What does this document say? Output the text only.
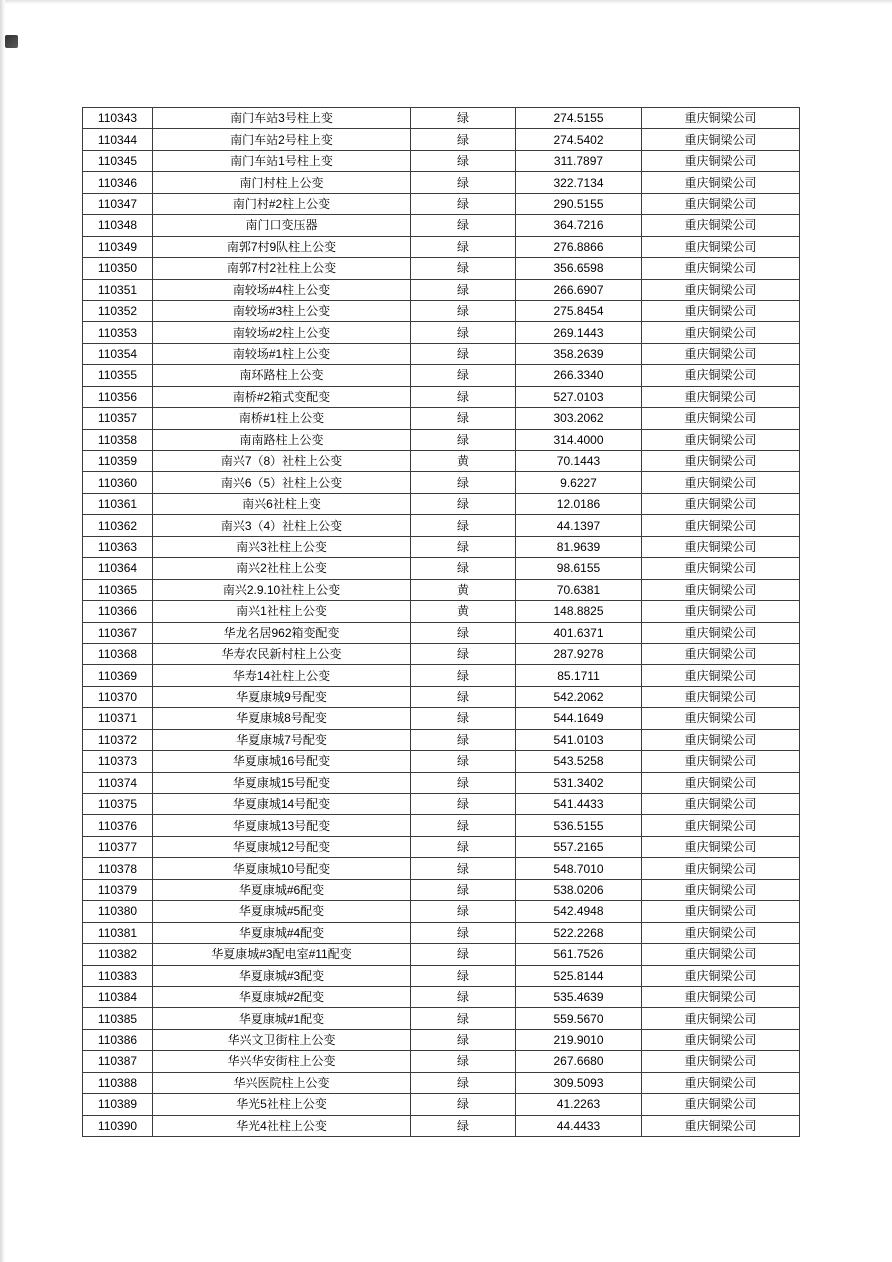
110343	南门车站3号柱上变	绿	274.5155	重庆铜梁公司
110344	南门车站2号柱上变	绿	274.5402	重庆铜梁公司
110345	南门车站1号柱上变	绿	311.7897	重庆铜梁公司
110346	南门村柱上公变	绿	322.7134	重庆铜梁公司
110347	南门村#2柱上公变	绿	290.5155	重庆铜梁公司
110348	南门口变压器	绿	364.7216	重庆铜梁公司
110349	南郭7村9队柱上公变	绿	276.8866	重庆铜梁公司
110350	南郭7村2社柱上公变	绿	356.6598	重庆铜梁公司
110351	南较场#4柱上公变	绿	266.6907	重庆铜梁公司
110352	南较场#3柱上公变	绿	275.8454	重庆铜梁公司
110353	南较场#2柱上公变	绿	269.1443	重庆铜梁公司
110354	南较场#1柱上公变	绿	358.2639	重庆铜梁公司
110355	南环路柱上公变	绿	266.3340	重庆铜梁公司
110356	南桥#2箱式变配变	绿	527.0103	重庆铜梁公司
110357	南桥#1柱上公变	绿	303.2062	重庆铜梁公司
110358	南南路柱上公变	绿	314.4000	重庆铜梁公司
110359	南兴7（8）社柱上公变	黄	70.1443	重庆铜梁公司
110360	南兴6（5）社柱上公变	绿	9.6227	重庆铜梁公司
110361	南兴6社柱上变	绿	12.0186	重庆铜梁公司
110362	南兴3（4）社柱上公变	绿	44.1397	重庆铜梁公司
110363	南兴3社柱上公变	绿	81.9639	重庆铜梁公司
110364	南兴2社柱上公变	绿	98.6155	重庆铜梁公司
110365	南兴2.9.10社柱上公变	黄	70.6381	重庆铜梁公司
110366	南兴1社柱上公变	黄	148.8825	重庆铜梁公司
110367	华龙名居962箱变配变	绿	401.6371	重庆铜梁公司
110368	华寿农民新村柱上公变	绿	287.9278	重庆铜梁公司
110369	华寿14社柱上公变	绿	85.1711	重庆铜梁公司
110370	华夏康城9号配变	绿	542.2062	重庆铜梁公司
110371	华夏康城8号配变	绿	544.1649	重庆铜梁公司
110372	华夏康城7号配变	绿	541.0103	重庆铜梁公司
110373	华夏康城16号配变	绿	543.5258	重庆铜梁公司
110374	华夏康城15号配变	绿	531.3402	重庆铜梁公司
110375	华夏康城14号配变	绿	541.4433	重庆铜梁公司
110376	华夏康城13号配变	绿	536.5155	重庆铜梁公司
110377	华夏康城12号配变	绿	557.2165	重庆铜梁公司
110378	华夏康城10号配变	绿	548.7010	重庆铜梁公司
110379	华夏康城#6配变	绿	538.0206	重庆铜梁公司
110380	华夏康城#5配变	绿	542.4948	重庆铜梁公司
110381	华夏康城#4配变	绿	522.2268	重庆铜梁公司
110382	华夏康城#3配电室#11配变	绿	561.7526	重庆铜梁公司
110383	华夏康城#3配变	绿	525.8144	重庆铜梁公司
110384	华夏康城#2配变	绿	535.4639	重庆铜梁公司
110385	华夏康城#1配变	绿	559.5670	重庆铜梁公司
110386	华兴文卫街柱上公变	绿	219.9010	重庆铜梁公司
110387	华兴华安街柱上公变	绿	267.6680	重庆铜梁公司
110388	华兴医院柱上公变	绿	309.5093	重庆铜梁公司
110389	华光5社柱上公变	绿	41.2263	重庆铜梁公司
110390	华光4社柱上公变	绿	44.4433	重庆铜梁公司
